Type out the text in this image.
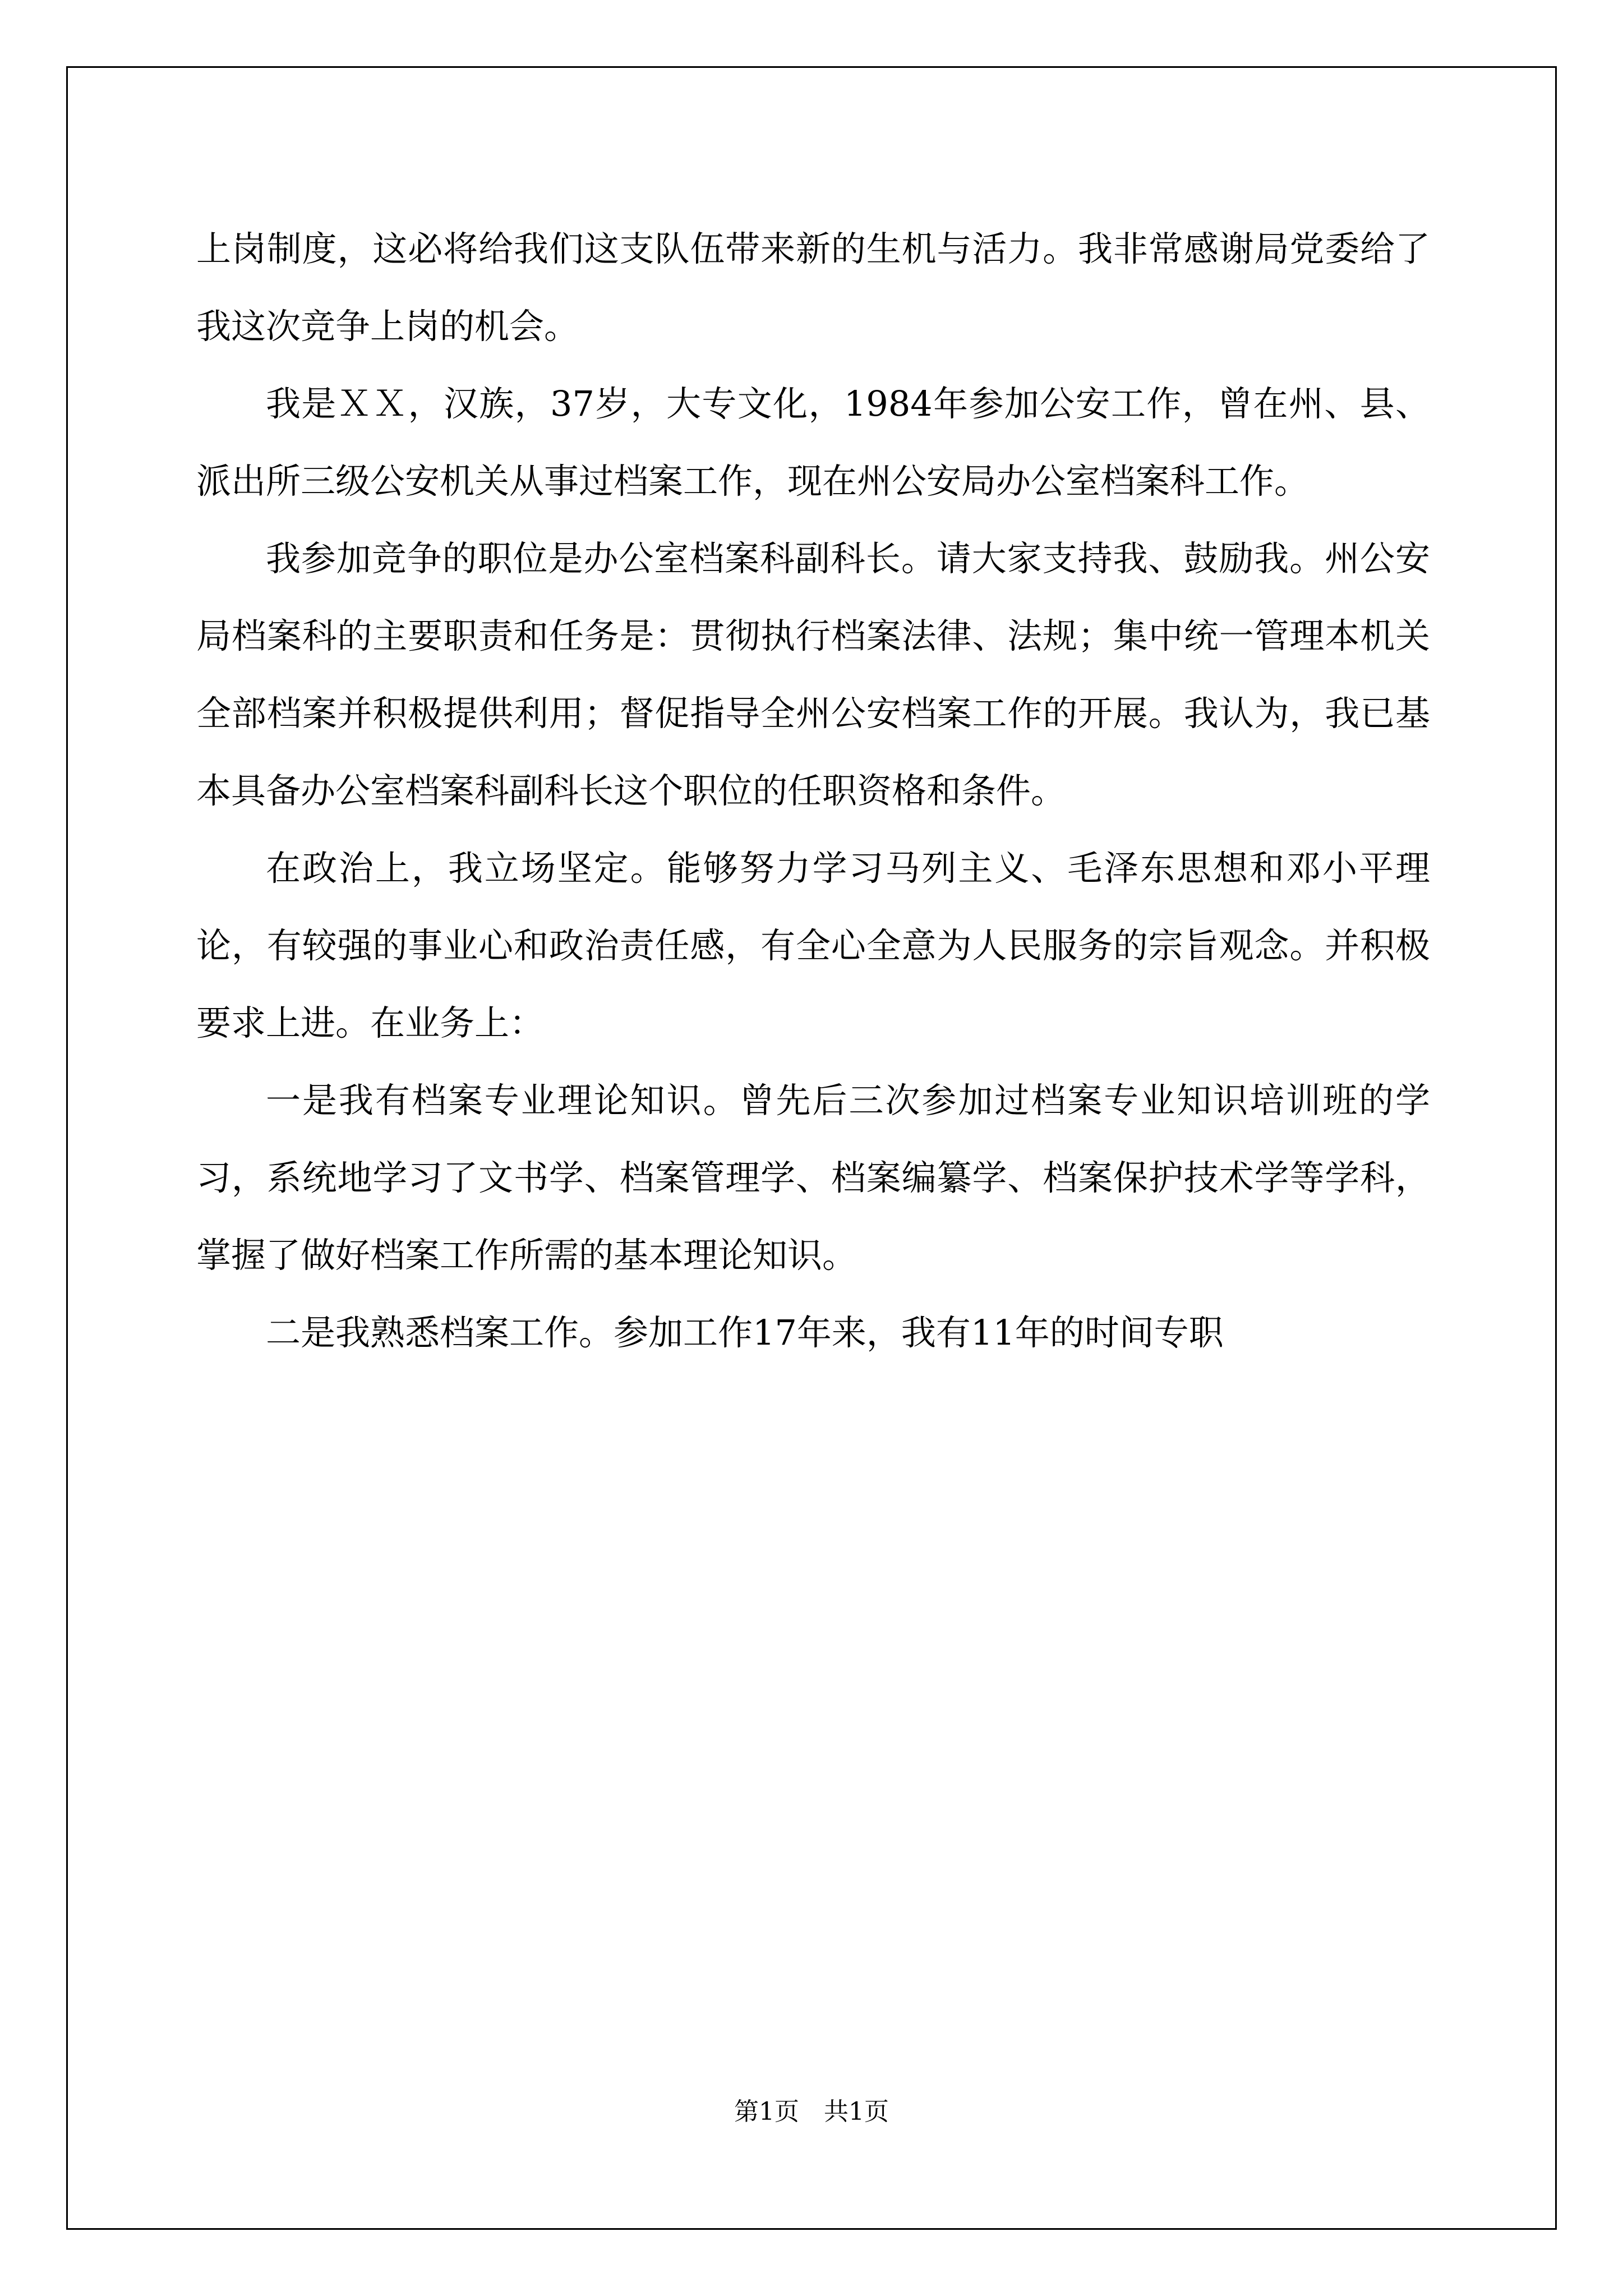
上岗制度，这必将给我们这支队伍带来新的生机与活力。我非常感谢局党委给了我这次竞争上岗的机会。

我是ＸＸ，汉族，37岁，大专文化，1984年参加公安工作，曾在州、县、派出所三级公安机关从事过档案工作，现在州公安局办公室档案科工作。

我参加竞争的职位是办公室档案科副科长。请大家支持我、鼓励我。州公安局档案科的主要职责和任务是：贯彻执行档案法律、法规；集中统一管理本机关全部档案并积极提供利用；督促指导全州公安档案工作的开展。我认为，我已基本具备办公室档案科副科长这个职位的任职资格和条件。

在政治上，我立场坚定。能够努力学习马列主义、毛泽东思想和邓小平理论，有较强的事业心和政治责任感，有全心全意为人民服务的宗旨观念。并积极要求上进。在业务上：

一是我有档案专业理论知识。曾先后三次参加过档案专业知识培训班的学习，系统地学习了文书学、档案管理学、档案编纂学、档案保护技术学等学科，掌握了做好档案工作所需的基本理论知识。

二是我熟悉档案工作。参加工作17年来，我有11年的时间专职

第1页　共1页
